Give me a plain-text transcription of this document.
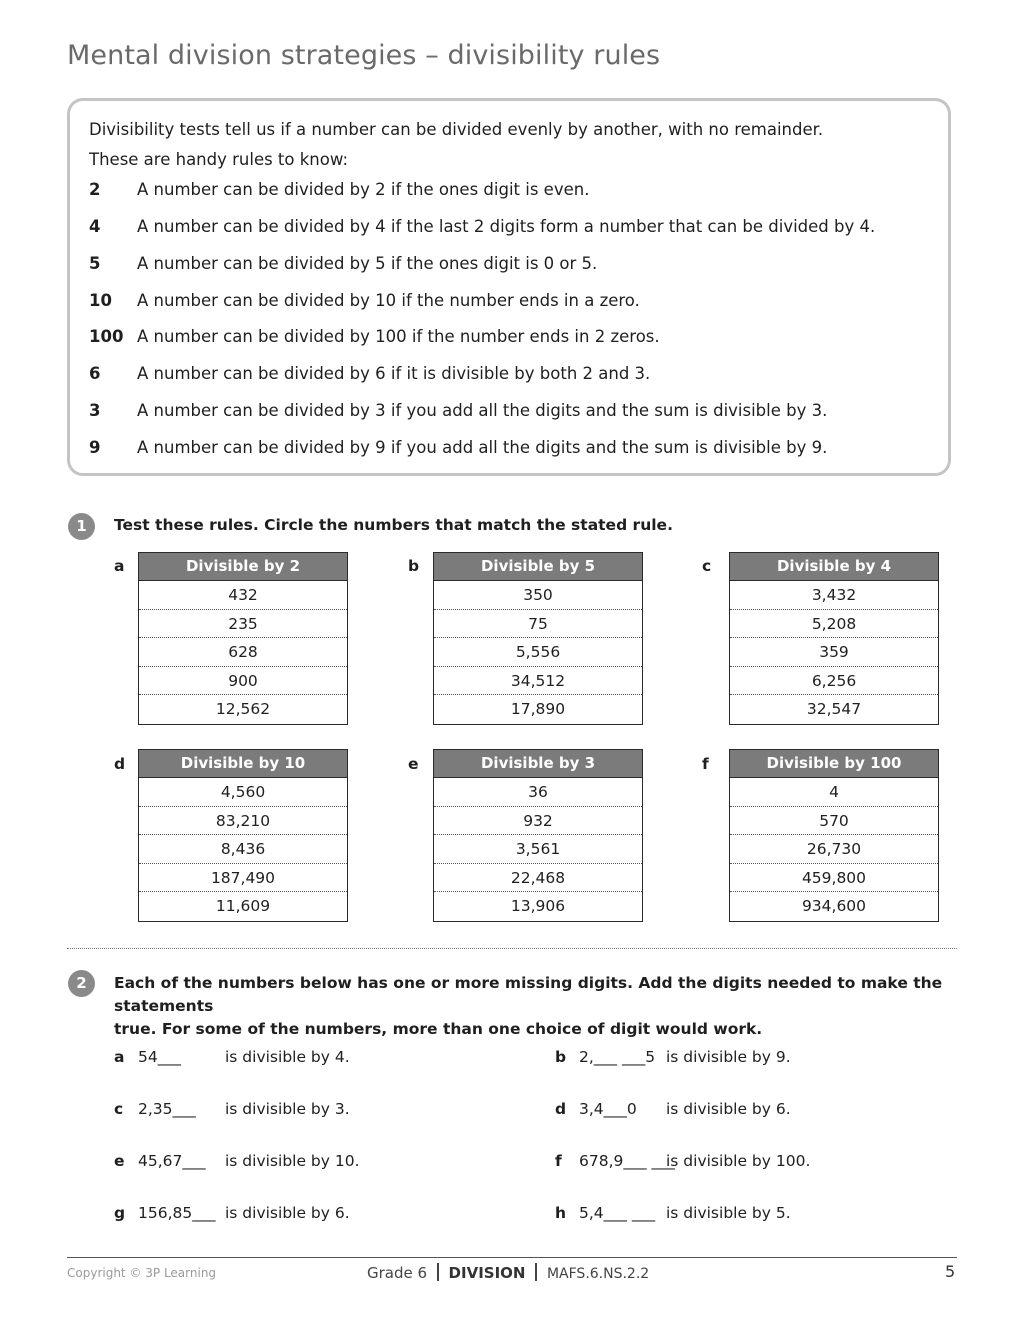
Mental division strategies – divisibility rules
Divisibility tests tell us if a number can be divided evenly by another, with no remainder.
These are handy rules to know:
2 A number can be divided by 2 if the ones digit is even.
4 A number can be divided by 4 if the last 2 digits form a number that can be divided by 4.
5 A number can be divided by 5 if the ones digit is 0 or 5.
10 A number can be divided by 10 if the number ends in a zero.
100 A number can be divided by 100 if the number ends in 2 zeros.
6 A number can be divided by 6 if it is divisible by both 2 and 3.
3 A number can be divided by 3 if you add all the digits and the sum is divisible by 3.
9 A number can be divided by 9 if you add all the digits and the sum is divisible by 9.
1	Test these rules. Circle the numbers that match the stated rule.
a	Divisible by 2
432
235
628
900
12,562
b	Divisible by 5
350
75
5,556
34,512
17,890
c	Divisible by 4
3,432
5,208
359
6,256
32,547
d	Divisible by 10
4,560
83,210
8,436
187,490
11,609
e	Divisible by 3
36
932
3,561
22,468
13,906
f	Divisible by 100
4
570
26,730
459,800
934,600
2	Each of the numbers below has one or more missing digits. Add the digits needed to make the statements
true. For some of the numbers, more than one choice of digit would work.
a 54___	is divisible by 4.	b 2,___ ___5 is divisible by 9.
c 2,35___ is divisible by 3.	d 3,4___0 is divisible by 6.
e 45,67___ is divisible by 10.	f 678,9___ ___
is divisible by 100.
g 156,85___ is divisible by 6.	h 5,4___ ___ is divisible by 5.
Copyright © 3P Learning	Grade 6 DIVISION MAFS.6.NS.2.2	5
